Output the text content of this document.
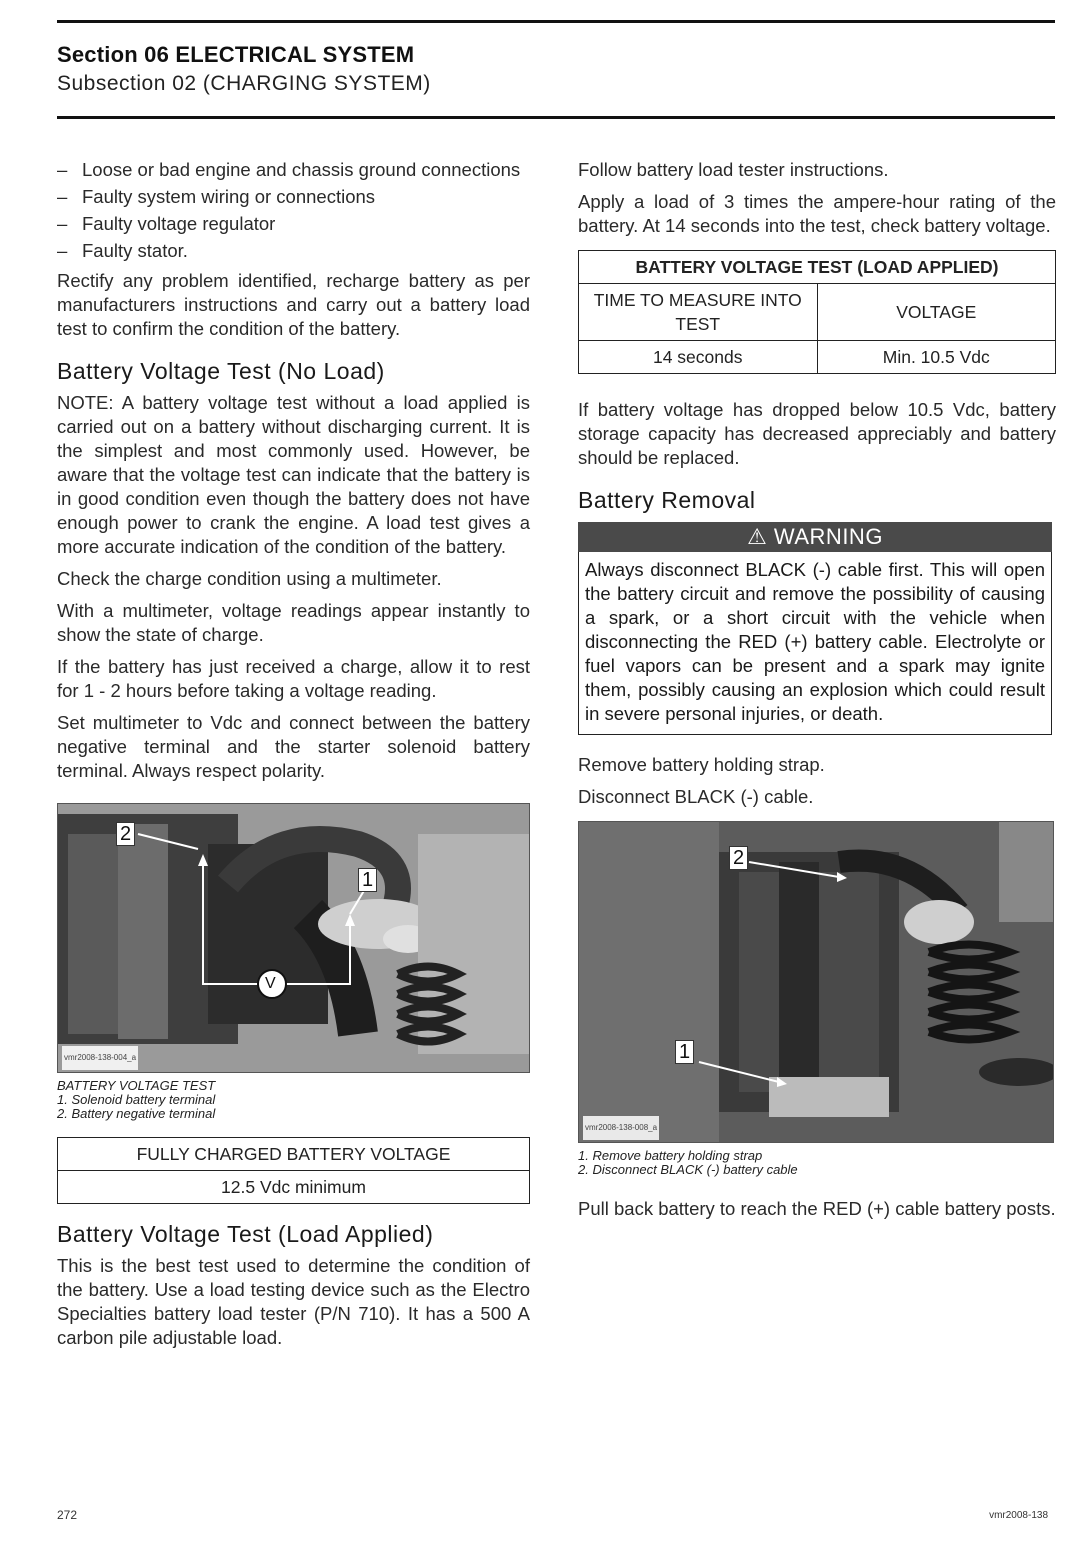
Section 06 ELECTRICAL SYSTEM
Subsection 02 (CHARGING SYSTEM)
– Loose or bad engine and chassis ground connections
– Faulty system wiring or connections
– Faulty voltage regulator
– Faulty stator.

Rectify any problem identified, recharge battery as per manufacturers instructions and carry out a battery load test to confirm the condition of the battery.

Battery Voltage Test (No Load)

NOTE: A battery voltage test without a load applied is carried out on a battery without discharging current. It is the simplest and most commonly used. However, be aware that the voltage test can indicate that the battery is in good condition even though the battery does not have enough power to crank the engine. A load test gives a more accurate indication of the condition of the battery.

Check the charge condition using a multimeter.

With a multimeter, voltage readings appear instantly to show the state of charge.

If the battery has just received a charge, allow it to rest for 1 - 2 hours before taking a voltage reading.

Set multimeter to Vdc and connect between the battery negative terminal and the starter solenoid battery terminal. Always respect polarity.

2
1
V
vmr2008-138-004_a
BATTERY VOLTAGE TEST
1. Solenoid battery terminal
2. Battery negative terminal
FULLY CHARGED BATTERY VOLTAGE
12.5 Vdc minimum
Battery Voltage Test (Load Applied)

This is the best test used to determine the condition of the battery. Use a load testing device such as the Electro Specialties battery load tester (P/N 710). It has a 500 A carbon pile adjustable load.

Follow battery load tester instructions.

Apply a load of 3 times the ampere-hour rating of the battery. At 14 seconds into the test, check battery voltage.

BATTERY VOLTAGE TEST (LOAD APPLIED)	
TIME TO MEASURE INTO TEST	VOLTAGE
14 seconds	Min. 10.5 Vdc

If battery voltage has dropped below 10.5 Vdc, battery storage capacity has decreased appreciably and battery should be replaced.

Battery Removal
⚠ WARNING
Always disconnect BLACK (-) cable first. This will open the battery circuit and remove the possibility of causing a spark, or a short circuit with the vehicle when disconnecting the RED (+) battery cable. Electrolyte or fuel vapors can be present and a spark may ignite them, possibly causing an explosion which could result in severe personal injuries, or death.

Remove battery holding strap.

Disconnect BLACK (-) cable.

2
1
vmr2008-138-008_a
1. Remove battery holding strap
2. Disconnect BLACK (-) battery cable

Pull back battery to reach the RED (+) cable battery posts.

272	vmr2008-138
